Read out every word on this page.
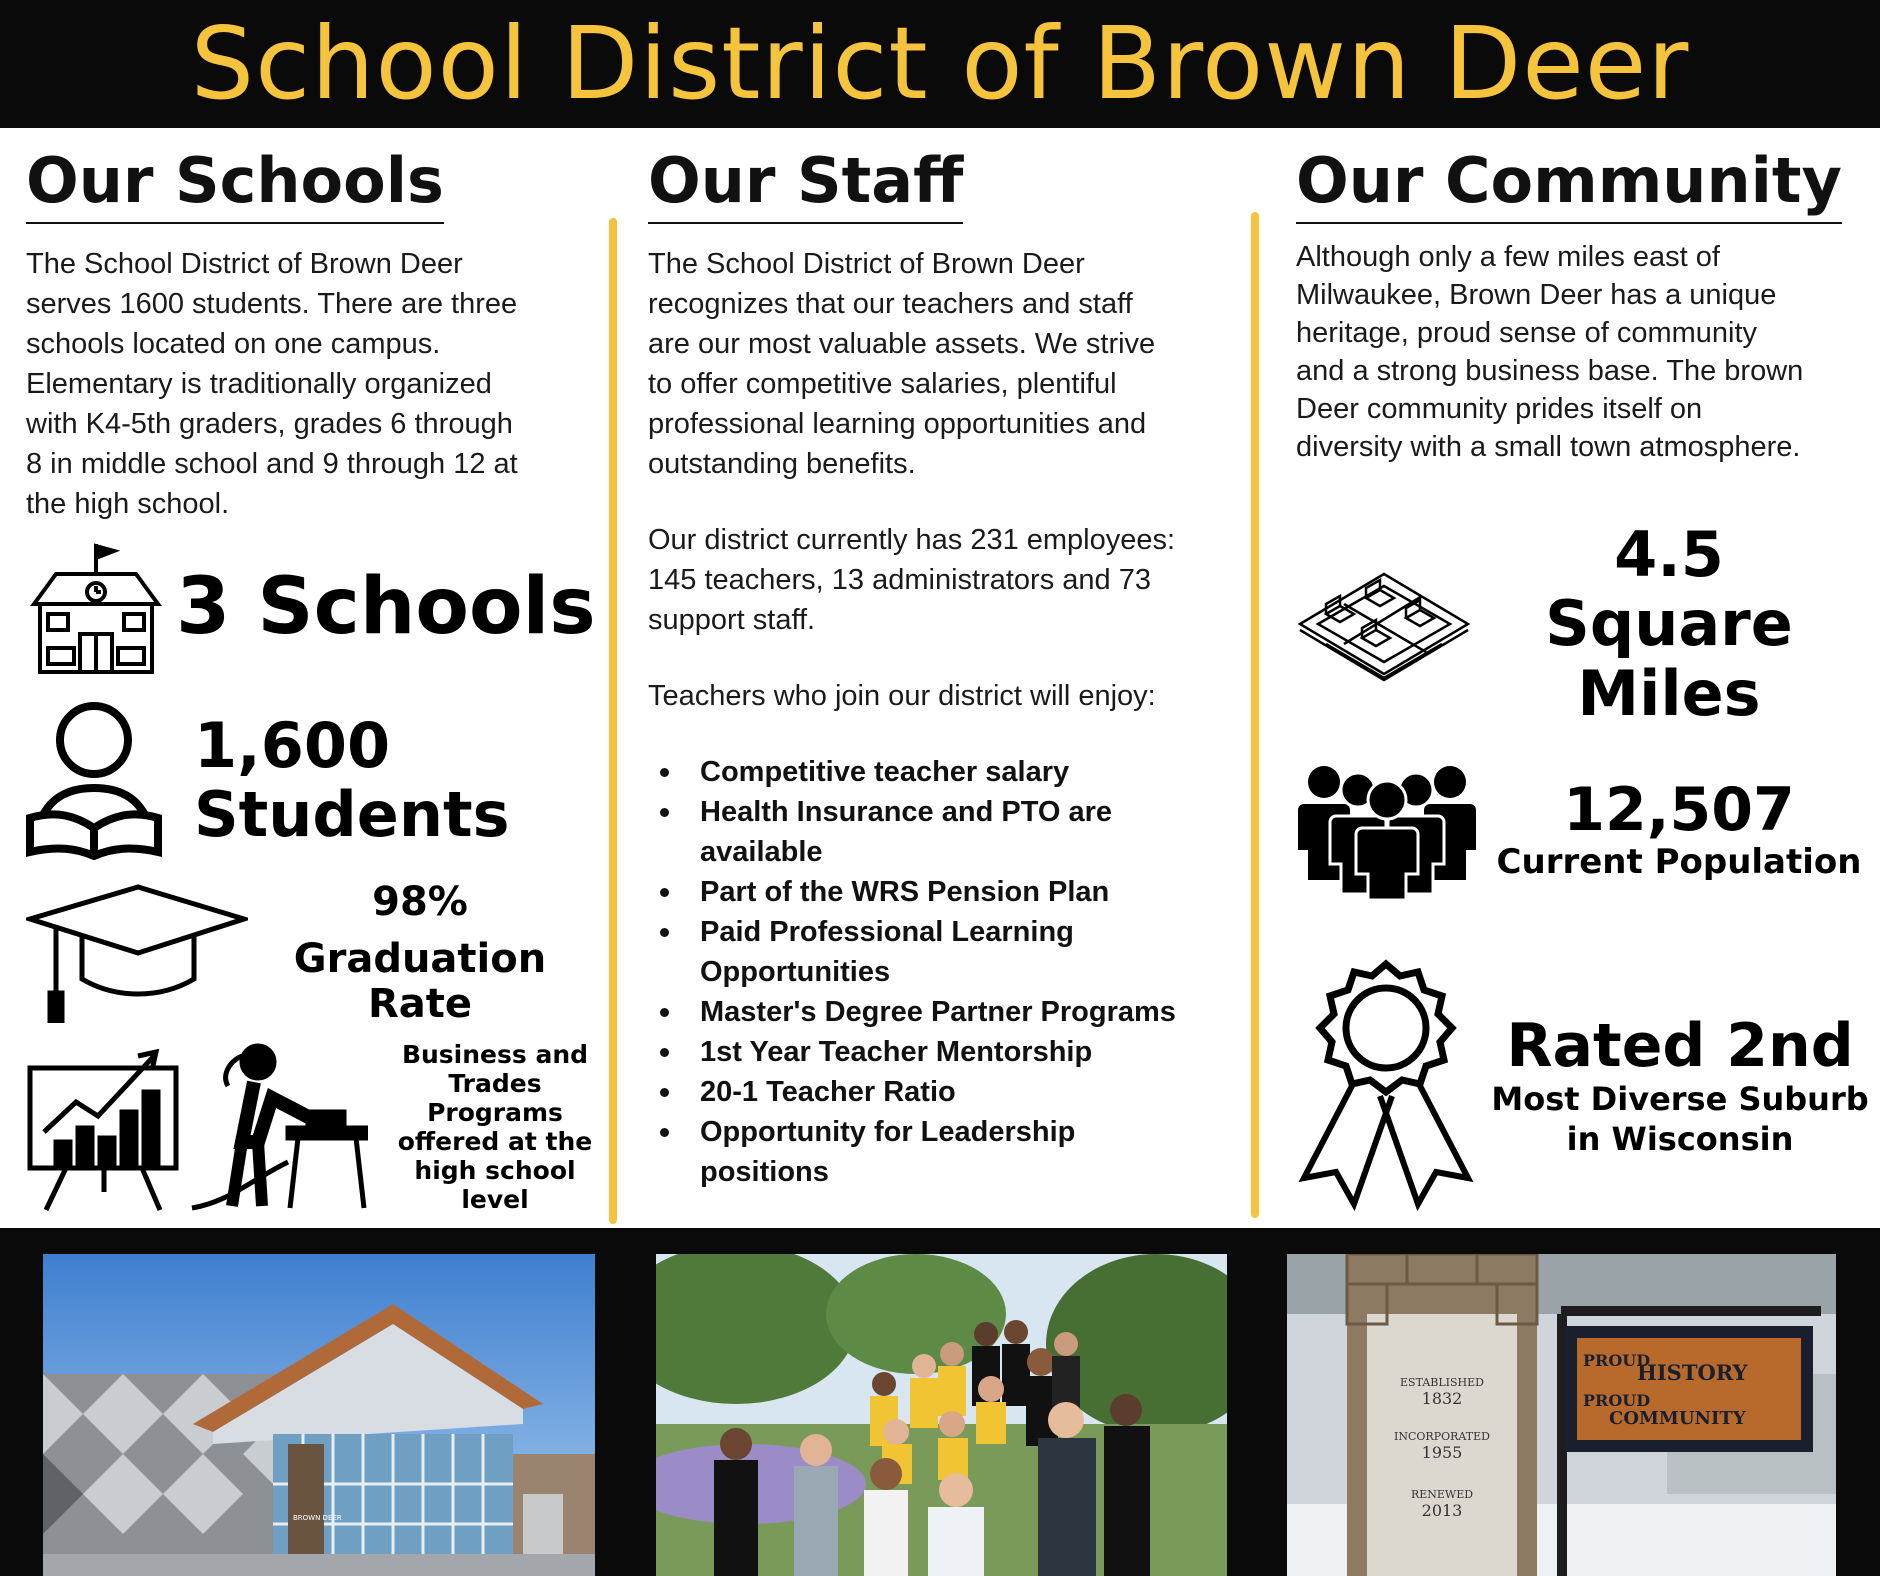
School District of Brown Deer
Our Schools
The School District of Brown Deer
serves 1600 students. There are three
schools located on one campus.
Elementary is traditionally organized
with K4-5th graders, grades 6 through
8 in middle school and 9 through 12 at
the high school.
3 Schools
1,600
Students
98%
Graduation Rate
Business and
Trades Programs
offered at the
high school level
Our Staff
The School District of Brown Deer
recognizes that our teachers and staff
are our most valuable assets. We strive
to offer competitive salaries, plentiful
professional learning opportunities and
outstanding benefits.
Our district currently has 231 employees:
145 teachers, 13 administrators and 73
support staff.
Teachers who join our district will enjoy:
Competitive teacher salary
Health Insurance and PTO are available
Part of the WRS Pension Plan
Paid Professional Learning Opportunities
Master's Degree Partner Programs
1st Year Teacher Mentorship
20-1 Teacher Ratio
Opportunity for Leadership positions
Our Community
Although only a few miles east of
Milwaukee, Brown Deer has a unique
heritage, proud sense of community
and a strong business base. The brown
Deer community prides itself on
diversity with a small town atmosphere.
4.5 Square
Miles
12,507
Current Population
Rated 2nd
Most Diverse Suburb
in Wisconsin
BROWN DEER
ESTABLISHED
1832
INCORPORATED
1955
RENEWED
2013
PROUD
HISTORY
PROUD
COMMUNITY
